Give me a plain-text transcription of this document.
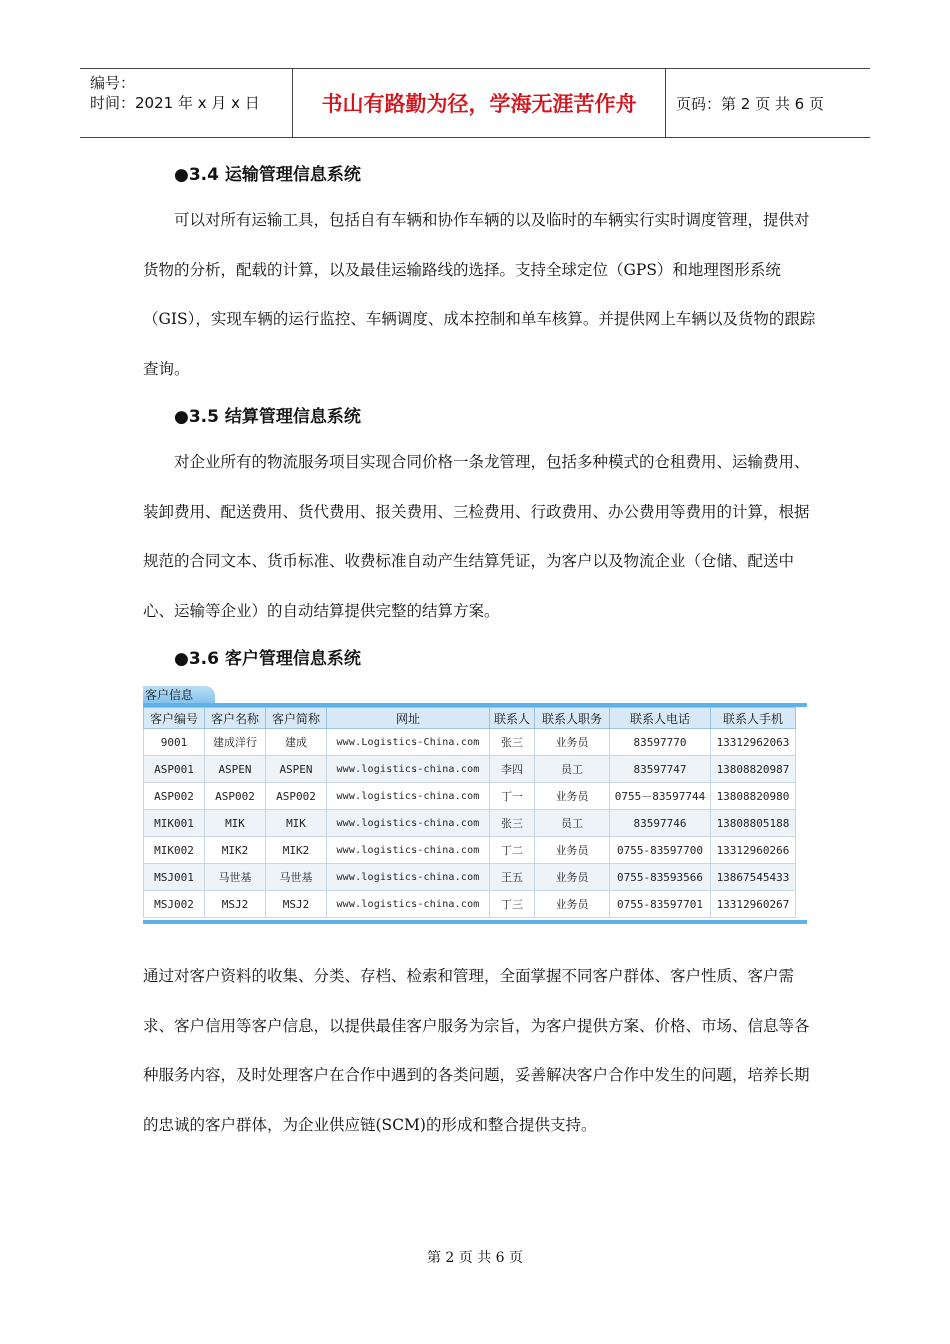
编号：
时间：2021 年 x 月 x 日	书山有路勤为径，学海无涯苦作舟	页码：第 2 页 共 6 页
●3.4 运输管理信息系统

可以对所有运输工具，包括自有车辆和协作车辆的以及临时的车辆实行实时调度管理，提供对货物的分析，配载的计算，以及最佳运输路线的选择。支持全球定位（GPS）和地理图形系统（GIS），实现车辆的运行监控、车辆调度、成本控制和单车核算。并提供网上车辆以及货物的跟踪查询。

●3.5 结算管理信息系统

对企业所有的物流服务项目实现合同价格一条龙管理，包括多种模式的仓租费用、运输费用、装卸费用、配送费用、货代费用、报关费用、三检费用、行政费用、办公费用等费用的计算，根据规范的合同文本、货币标准、收费标准自动产生结算凭证，为客户以及物流企业（仓储、配送中心、运输等企业）的自动结算提供完整的结算方案。

●3.6 客户管理信息系统
客户信息
客户编号	客户名称	客户简称	网址	联系人	联系人职务	联系人电话	联系人手机
9001	建成洋行	建成	www.Logistics-China.com	张三	业务员	83597770	13312962063
ASP001	ASPEN	ASPEN	www.logistics-china.com	李四	员工	83597747	13808820987
ASP002	ASP002	ASP002	www.logistics-china.com	丁一	业务员	0755－83597744	13808820980
MIK001	MIK	MIK	www.logistics-china.com	张三	员工	83597746	13808805188
MIK002	MIK2	MIK2	www.logistics-china.com	丁二	业务员	0755-83597700	13312960266
MSJ001	马世基	马世基	www.logistics-china.com	王五	业务员	0755-83593566	13867545433
MSJ002	MSJ2	MSJ2	www.logistics-china.com	丁三	业务员	0755-83597701	13312960267

通过对客户资料的收集、分类、存档、检索和管理，全面掌握不同客户群体、客户性质、客户需求、客户信用等客户信息，以提供最佳客户服务为宗旨，为客户提供方案、价格、市场、信息等各种服务内容，及时处理客户在合作中遇到的各类问题，妥善解决客户合作中发生的问题，培养长期的忠诚的客户群体，为企业供应链(SCM)的形成和整合提供支持。

第 2 页 共 6 页
